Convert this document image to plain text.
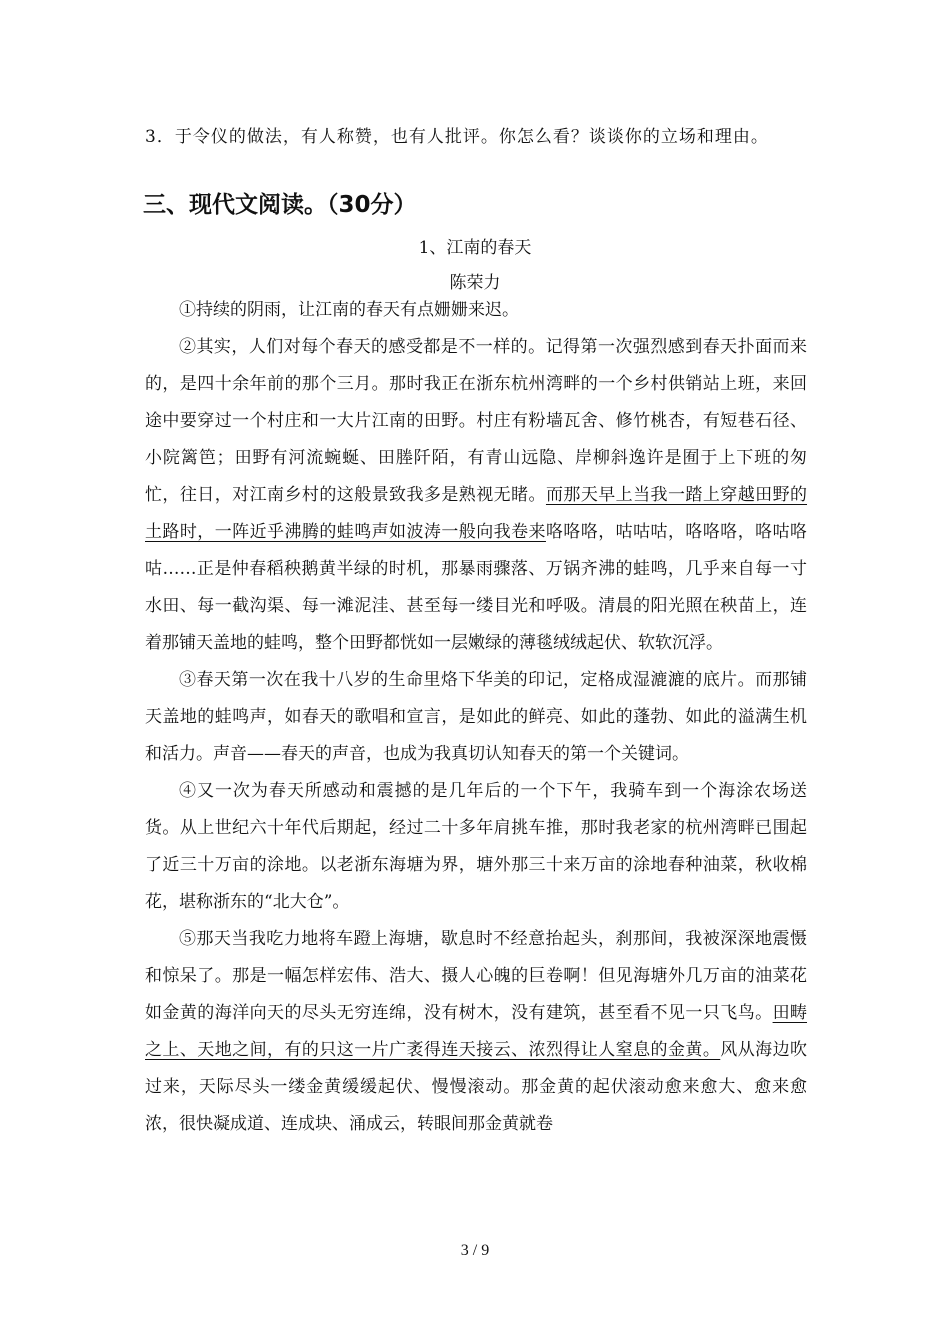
3．于令仪的做法，有人称赞，也有人批评。你怎么看？谈谈你的立场和理由。
三、现代文阅读。（30分）
1、江南的春天
陈荣力

①持续的阴雨，让江南的春天有点姗姗来迟。

②其实，人们对每个春天的感受都是不一样的。记得第一次强烈感到春天扑面而来的，是四十余年前的那个三月。那时我正在浙东杭州湾畔的一个乡村供销站上班，来回途中要穿过一个村庄和一大片江南的田野。村庄有粉墙瓦舍、修竹桃杏，有短巷石径、小院篱笆；田野有河流蜿蜒、田塍阡陌，有青山远隐、岸柳斜逸许是囿于上下班的匆忙，往日，对江南乡村的这般景致我多是熟视无睹。而那天早上当我一踏上穿越田野的土路时，一阵近乎沸腾的蛙鸣声如波涛一般向我卷来咯咯咯，咕咕咕，咯咯咯，咯咕咯咕……正是仲春稻秧鹅黄半绿的时机，那暴雨骤落、万锅齐沸的蛙鸣，几乎来自每一寸水田、每一截沟渠、每一滩泥洼、甚至每一缕目光和呼吸。清晨的阳光照在秧苗上，连着那铺天盖地的蛙鸣，整个田野都恍如一层嫩绿的薄毯绒绒起伏、软软沉浮。

③春天第一次在我十八岁的生命里烙下华美的印记，定格成湿漉漉的底片。而那铺天盖地的蛙鸣声，如春天的歌唱和宣言，是如此的鲜亮、如此的蓬勃、如此的溢满生机和活力。声音——春天的声音，也成为我真切认知春天的第一个关键词。

④又一次为春天所感动和震撼的是几年后的一个下午，我骑车到一个海涂农场送货。从上世纪六十年代后期起，经过二十多年肩挑车推，那时我老家的杭州湾畔已围起了近三十万亩的涂地。以老浙东海塘为界，塘外那三十来万亩的涂地春种油菜，秋收棉花，堪称浙东的“北大仓”。

⑤那天当我吃力地将车蹬上海塘，歇息时不经意抬起头，刹那间，我被深深地震慑和惊呆了。那是一幅怎样宏伟、浩大、摄人心魄的巨卷啊！但见海塘外几万亩的油菜花如金黄的海洋向天的尽头无穷连绵，没有树木，没有建筑，甚至看不见一只飞鸟。田畴之上、天地之间，有的只这一片广袤得连天接云、浓烈得让人窒息的金黄。风从海边吹过来，天际尽头一缕金黄缓缓起伏、慢慢滚动。那金黄的起伏滚动愈来愈大、愈来愈浓，很快凝成道、连成块、涌成云，转眼间那金黄就卷

3 / 9
